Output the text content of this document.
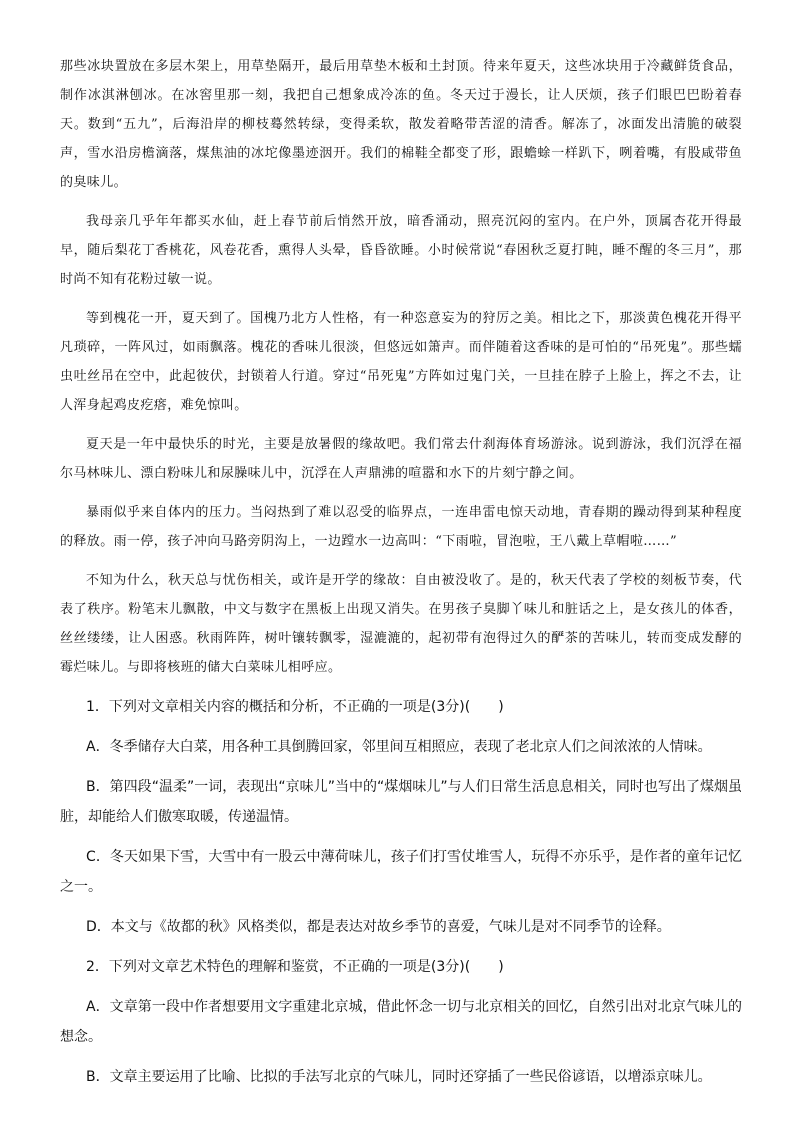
那些冰块置放在多层木架上，用草垫隔开，最后用草垫木板和土封顶。待来年夏天，这些冰块用于冷藏鲜货食品，制作冰淇淋刨冰。在冰窖里那一刻，我把自己想象成冷冻的鱼。冬天过于漫长，让人厌烦，孩子们眼巴巴盼着春天。数到“五九”，后海沿岸的柳枝蓦然转绿，变得柔软，散发着略带苦涩的清香。解冻了，冰面发出清脆的破裂声，雪水沿房檐滴落，煤焦油的冰坨像墨迹洇开。我们的棉鞋全都变了形，跟蟾蜍一样趴下，咧着嘴，有股咸带鱼的臭味儿。

我母亲几乎年年都买水仙，赶上春节前后悄然开放，暗香涌动，照亮沉闷的室内。在户外，顶属杏花开得最早，随后梨花丁香桃花，风卷花香，熏得人头晕，昏昏欲睡。小时候常说“春困秋乏夏打盹，睡不醒的冬三月”，那时尚不知有花粉过敏一说。

等到槐花一开，夏天到了。国槐乃北方人性格，有一种恣意妄为的狩厉之美。相比之下，那淡黄色槐花开得平凡琐碎，一阵风过，如雨飘落。槐花的香味儿很淡，但悠远如箫声。而伴随着这香味的是可怕的“吊死鬼”。那些蠕虫吐丝吊在空中，此起彼伏，封锁着人行道。穿过“吊死鬼”方阵如过鬼门关，一旦挂在脖子上脸上，挥之不去，让人浑身起鸡皮疙瘩，难免惊叫。

夏天是一年中最快乐的时光，主要是放暑假的缘故吧。我们常去什刹海体育场游泳。说到游泳，我们沉浮在福尔马林味儿、漂白粉味儿和尿臊味儿中，沉浮在人声鼎沸的喧嚣和水下的片刻宁静之间。

暴雨似乎来自体内的压力。当闷热到了难以忍受的临界点，一连串雷电惊天动地，青春期的躁动得到某种程度的释放。雨一停，孩子冲向马路旁阴沟上，一边蹚水一边高叫：“下雨啦，冒泡啦，王八戴上草帽啦……”

不知为什么，秋天总与忧伤相关，或许是开学的缘故：自由被没收了。是的，秋天代表了学校的刻板节奏，代表了秩序。粉笔末儿飘散，中文与数字在黑板上出现又消失。在男孩子臭脚丫味儿和脏话之上，是女孩儿的体香，丝丝缕缕，让人困惑。秋雨阵阵，树叶镶转飘零，湿漉漉的，起初带有泡得过久的酽茶的苦味儿，转而变成发酵的霉烂味儿。与即将核班的储大白菜味儿相呼应。

1．下列对文章相关内容的概括和分析，不正确的一项是(3分)(　　)

A．冬季储存大白菜，用各种工具倒腾回家，邻里间互相照应，表现了老北京人们之间浓浓的人情味。

B．第四段“温柔”一词，表现出“京味儿”当中的“煤烟味儿”与人们日常生活息息相关，同时也写出了煤烟虽脏，却能给人们傲寒取暖，传递温情。

C．冬天如果下雪，大雪中有一股云中薄荷味儿，孩子们打雪仗堆雪人，玩得不亦乐乎，是作者的童年记忆之一。

D．本文与《故都的秋》风格类似，都是表达对故乡季节的喜爱，气味儿是对不同季节的诠释。

2．下列对文章艺术特色的理解和鉴赏，不正确的一项是(3分)(　　)

A．文章第一段中作者想要用文字重建北京城，借此怀念一切与北京相关的回忆，自然引出对北京气味儿的想念。

B．文章主要运用了比喻、比拟的手法写北京的气味儿，同时还穿插了一些民俗谚语，以增添京味儿。
